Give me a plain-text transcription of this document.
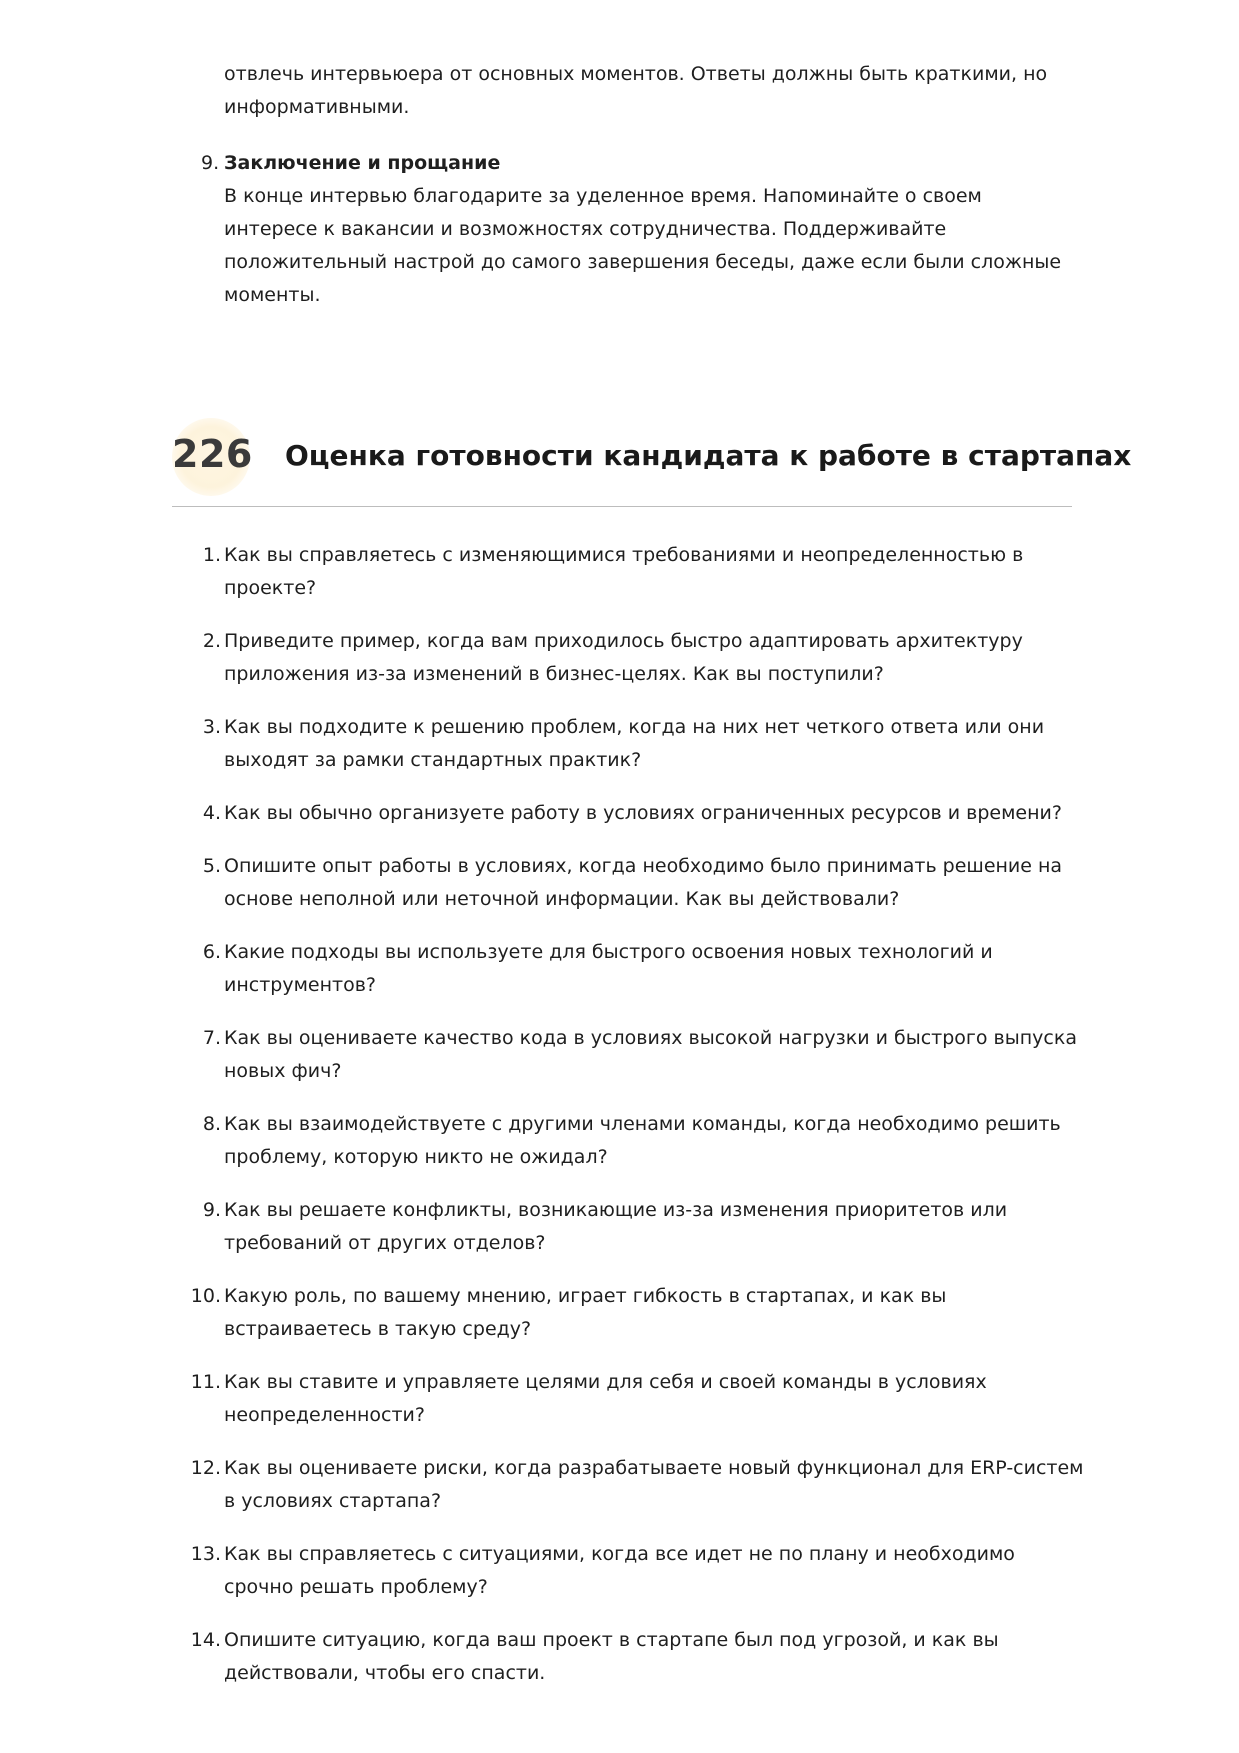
отвлечь интервьюера от основных моментов. Ответы должны быть краткими, но информативными.

9. Заключение и прощание
В конце интервью благодарите за уделенное время. Напоминайте о своем интересе к вакансии и возможностях сотрудничества. Поддерживайте положительный настрой до самого завершения беседы, даже если были сложные моменты.
226 Оценка готовности кандидата к работе в стартапах
1. Как вы справляетесь с изменяющимися требованиями и неопределенностью в проекте?
2. Приведите пример, когда вам приходилось быстро адаптировать архитектуру приложения из-за изменений в бизнес-целях. Как вы поступили?
3. Как вы подходите к решению проблем, когда на них нет четкого ответа или они выходят за рамки стандартных практик?
4. Как вы обычно организуете работу в условиях ограниченных ресурсов и времени?
5. Опишите опыт работы в условиях, когда необходимо было принимать решение на основе неполной или неточной информации. Как вы действовали?
6. Какие подходы вы используете для быстрого освоения новых технологий и инструментов?
7. Как вы оцениваете качество кода в условиях высокой нагрузки и быстрого выпуска новых фич?
8. Как вы взаимодействуете с другими членами команды, когда необходимо решить проблему, которую никто не ожидал?
9. Как вы решаете конфликты, возникающие из-за изменения приоритетов или требований от других отделов?
10. Какую роль, по вашему мнению, играет гибкость в стартапах, и как вы встраиваетесь в такую среду?
11. Как вы ставите и управляете целями для себя и своей команды в условиях неопределенности?
12. Как вы оцениваете риски, когда разрабатываете новый функционал для ERP-систем в условиях стартапа?
13. Как вы справляетесь с ситуациями, когда все идет не по плану и необходимо срочно решать проблему?
14. Опишите ситуацию, когда ваш проект в стартапе был под угрозой, и как вы действовали, чтобы его спасти.
